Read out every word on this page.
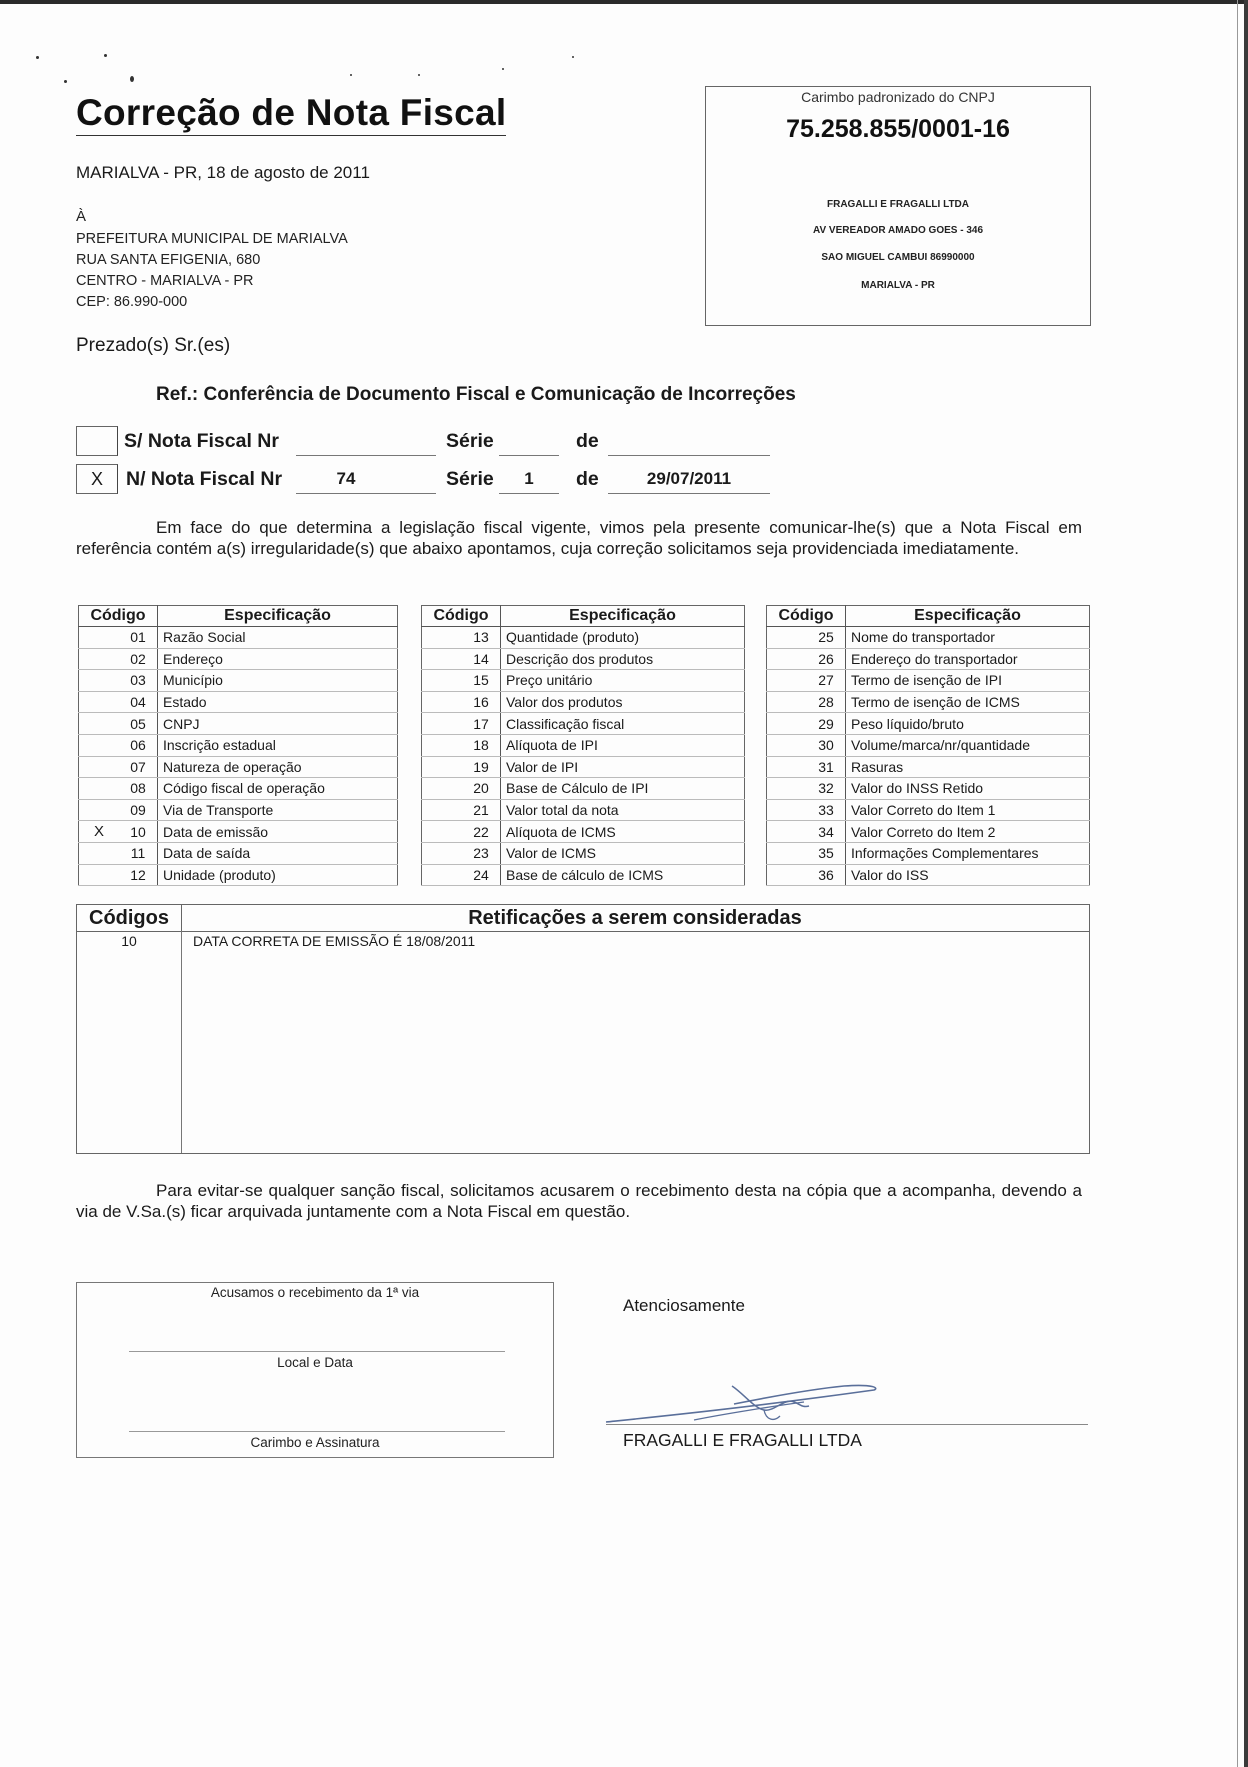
Correção de Nota Fiscal
MARIALVA - PR, 18 de agosto de 2011
À
PREFEITURA MUNICIPAL DE MARIALVA
RUA SANTA EFIGENIA, 680
CENTRO - MARIALVA - PR
CEP: 86.990-000
Prezado(s) Sr.(es)
Carimbo padronizado do CNPJ
75.258.855/0001-16
FRAGALLI E FRAGALLI LTDA
AV VEREADOR AMADO GOES - 346
SAO MIGUEL CAMBUI 86990000
MARIALVA - PR
Ref.: Conferência de Documento Fiscal e Comunicação de Incorreções
S/ Nota Fiscal Nr	Série	de
X	N/ Nota Fiscal Nr	74	Série	1	de	29/07/2011

Em face do que determina a legislação fiscal vigente, vimos pela presente comunicar-lhe(s) que a Nota Fiscal em referência contém a(s) irregularidade(s) que abaixo apontamos, cuja correção solicitamos seja providenciada imediatamente.

Código		Especificação
	01	Razão Social
	02	Endereço
	03	Município
	04	Estado
	05	CNPJ
	06	Inscrição estadual
	07	Natureza de operação
	08	Código fiscal de operação
	09	Via de Transporte
X	10	Data de emissão
	11	Data de saída
	12	Unidade (produto)
Código		Especificação
	13	Quantidade (produto)
	14	Descrição dos produtos
	15	Preço unitário
	16	Valor dos produtos
	17	Classificação fiscal
	18	Alíquota de IPI
	19	Valor de IPI
	20	Base de Cálculo de IPI
	21	Valor total da nota
	22	Alíquota de ICMS
	23	Valor de ICMS
	24	Base de cálculo de ICMS
Código		Especificação
	25	Nome do transportador
	26	Endereço do transportador
	27	Termo de isenção de IPI
	28	Termo de isenção de ICMS
	29	Peso líquido/bruto
	30	Volume/marca/nr/quantidade
	31	Rasuras
	32	Valor do INSS Retido
	33	Valor Correto do Item 1
	34	Valor Correto do Item 2
	35	Informações Complementares
	36	Valor do ISS
Códigos	Retificações a serem consideradas
10	DATA CORRETA DE EMISSÃO É 18/08/2011

Para evitar-se qualquer sanção fiscal, solicitamos acusarem o recebimento desta na cópia que a acompanha, devendo a via de V.Sa.(s) ficar arquivada juntamente com a Nota Fiscal em questão.

Acusamos o recebimento da 1ª via
Local e Data
Carimbo e Assinatura
Atenciosamente
FRAGALLI E FRAGALLI LTDA
